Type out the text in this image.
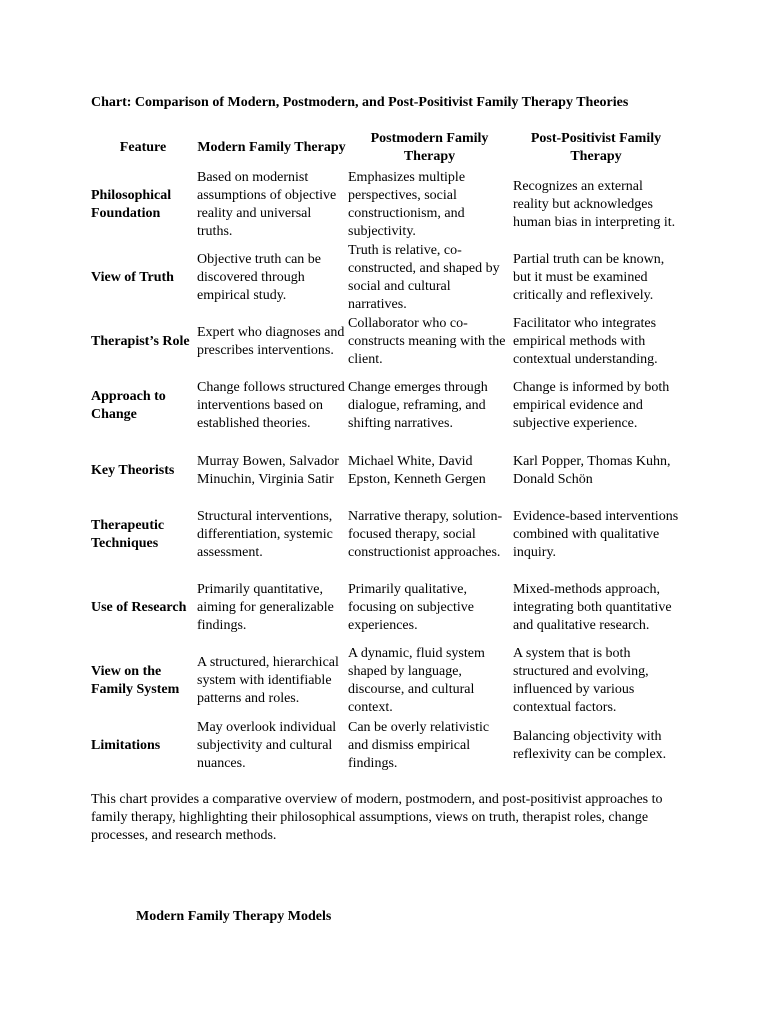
Chart: Comparison of Modern, Postmodern, and Post-Positivist Family Therapy Theories
Feature	Modern Family Therapy	Postmodern Family Therapy	Post-Positivist Family Therapy
Philosophical Foundation	Based on modernist assumptions of objective reality and universal truths.	Emphasizes multiple perspectives, social constructionism, and subjectivity.	Recognizes an external reality but acknowledges human bias in interpreting it.
View of Truth	Objective truth can be discovered through empirical study.	Truth is relative, co-constructed, and shaped by social and cultural narratives.	Partial truth can be known, but it must be examined critically and reflexively.
Therapist’s Role	Expert who diagnoses and prescribes interventions.	Collaborator who co-constructs meaning with the client.	Facilitator who integrates empirical methods with contextual understanding.
Approach to Change	Change follows structured interventions based on established theories.	Change emerges through dialogue, reframing, and shifting narratives.	Change is informed by both empirical evidence and subjective experience.
Key Theorists	Murray Bowen, Salvador Minuchin, Virginia Satir	Michael White, David Epston, Kenneth Gergen	Karl Popper, Thomas Kuhn, Donald Schön
Therapeutic Techniques	Structural interventions, differentiation, systemic assessment.	Narrative therapy, solution-focused therapy, social constructionist approaches.	Evidence-based interventions combined with qualitative inquiry.
Use of Research	Primarily quantitative, aiming for generalizable findings.	Primarily qualitative, focusing on subjective experiences.	Mixed-methods approach, integrating both quantitative and qualitative research.
View on the Family System	A structured, hierarchical system with identifiable patterns and roles.	A dynamic, fluid system shaped by language, discourse, and cultural context.	A system that is both structured and evolving, influenced by various contextual factors.
Limitations	May overlook individual subjectivity and cultural nuances.	Can be overly relativistic and dismiss empirical findings.	Balancing objectivity with reflexivity can be complex.
This chart provides a comparative overview of modern, postmodern, and post-positivist approaches to family therapy, highlighting their philosophical assumptions, views on truth, therapist roles, change processes, and research methods.
Modern Family Therapy Models
